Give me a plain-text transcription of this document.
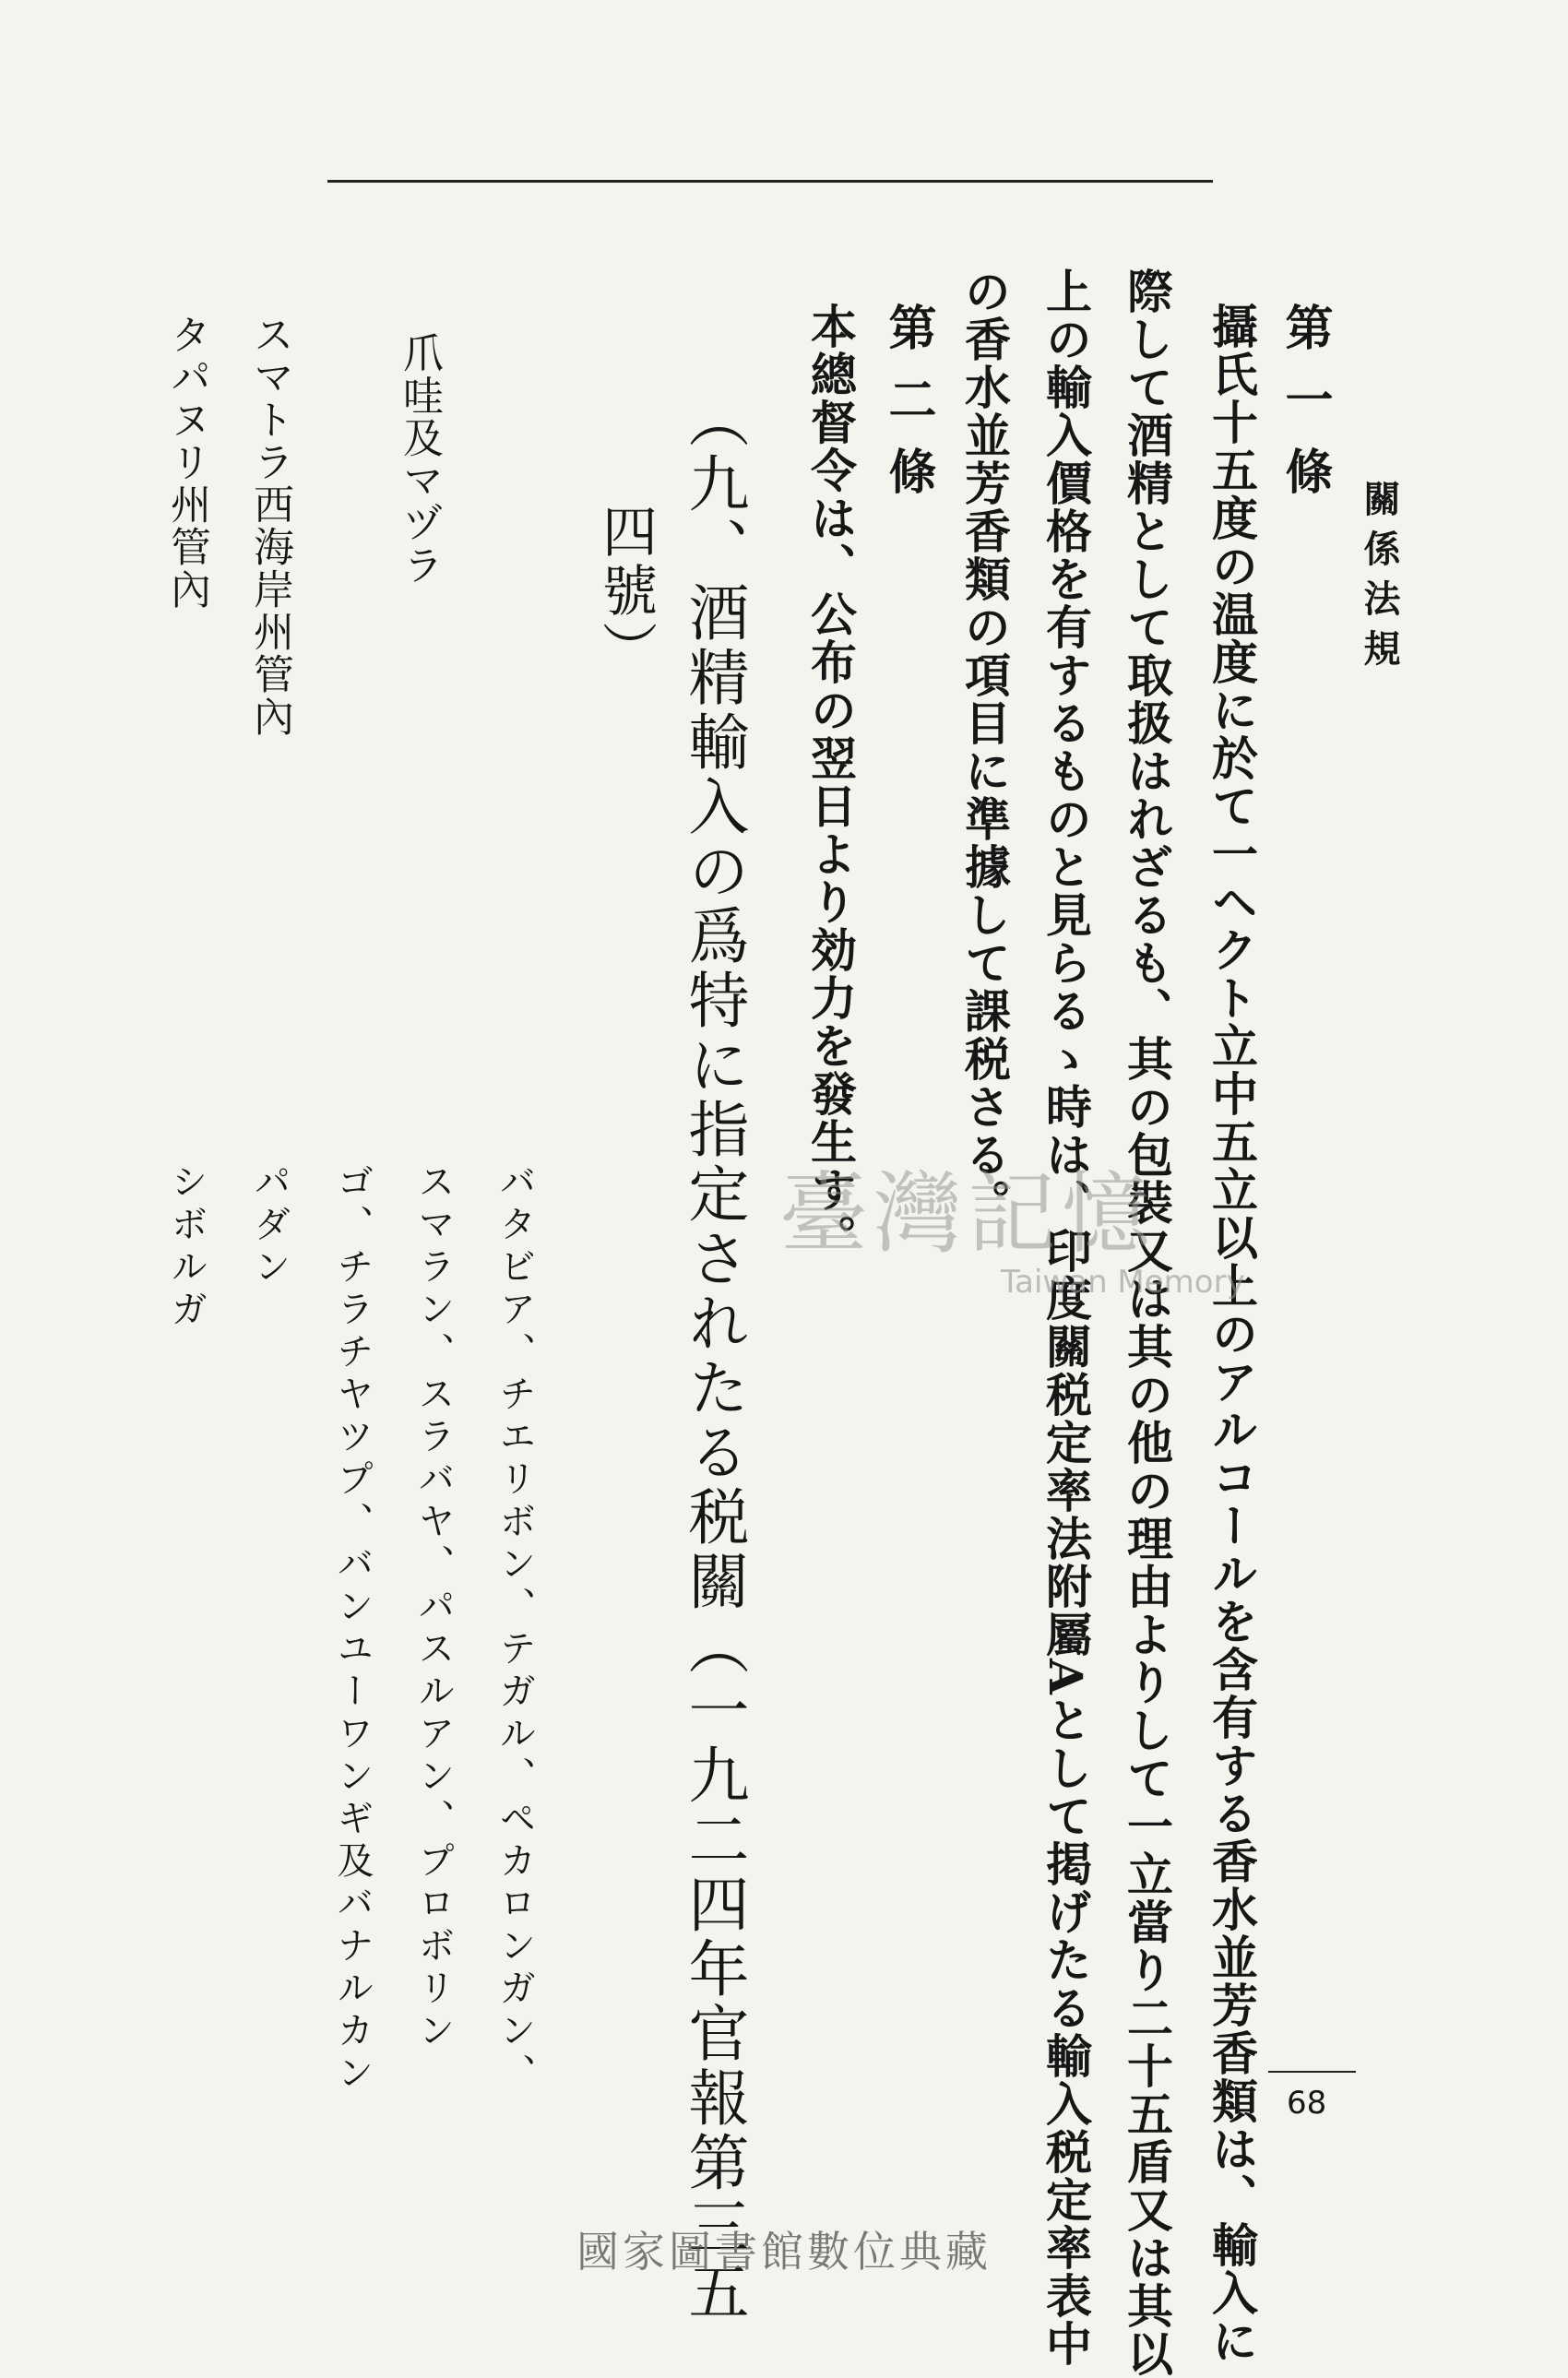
關係法規
第一條
攝氏十五度の温度に於て一ヘクト立中五立以上のアルコールを含有する香水並芳香類は、輸入に
際して酒精として取扱はれざるも、其の包裝又は其の他の理由よりして一立當り二十五盾又は其以
上の輸入價格を有するものと見らるゝ時は、印度關税定率法附屬Aとして掲げたる輸入税定率表中
の香水並芳香類の項目に準據して課税さる。
第二條
本總督令は、公布の翌日より効力を發生す。
（九、酒精輸入の爲特に指定されたる税關（一九二四年官報第三五
四號）
爪哇及マヅラ
バタビア、チエリボン、テガル、ペカロンガン、
スマラン、スラバヤ、パスルアン、プロボリン
ゴ、チラチヤツプ、バンユーワンギ及バナルカン
スマトラ西海岸州管內
パダン
タパヌリ州管內
シボルガ
68
臺灣記憶
Taiwan Memory
國家圖書館數位典藏
